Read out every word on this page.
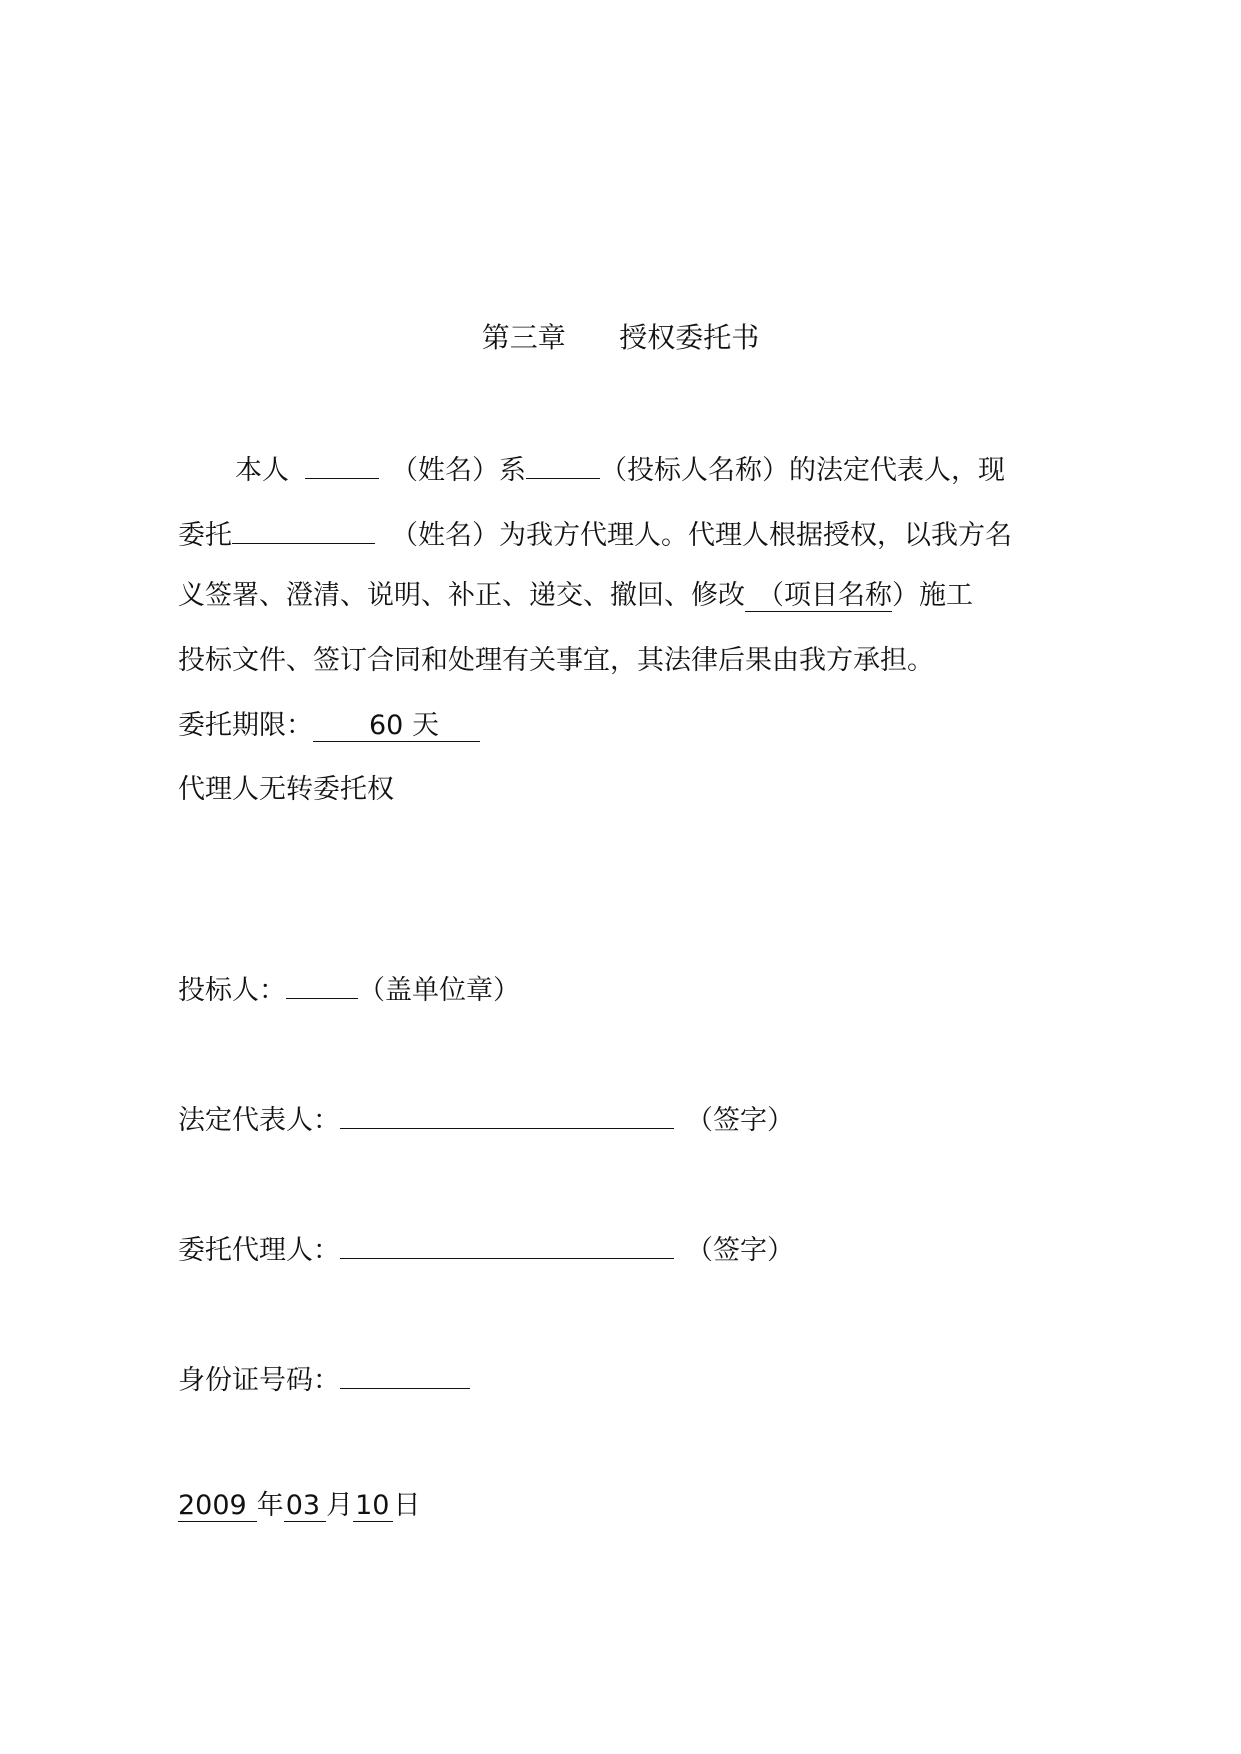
第三章      授权委托书
本人	（姓名）系	（投标人名称）的法定代表人，现
委托	（姓名）为我方代理人。代理人根据授权，以我方名
义签署、澄清、说明、补正、递交、撤回、修改 （项目名称）施工
投标文件、签订合同和处理有关事宜，其法律后果由我方承担。
委托期限： 60 天
代理人无转委托权
投标人：	（盖单位章）
法定代表人：	（签字）
委托代理人：	（签字）
身份证号码：
2009 年03 月10 日
